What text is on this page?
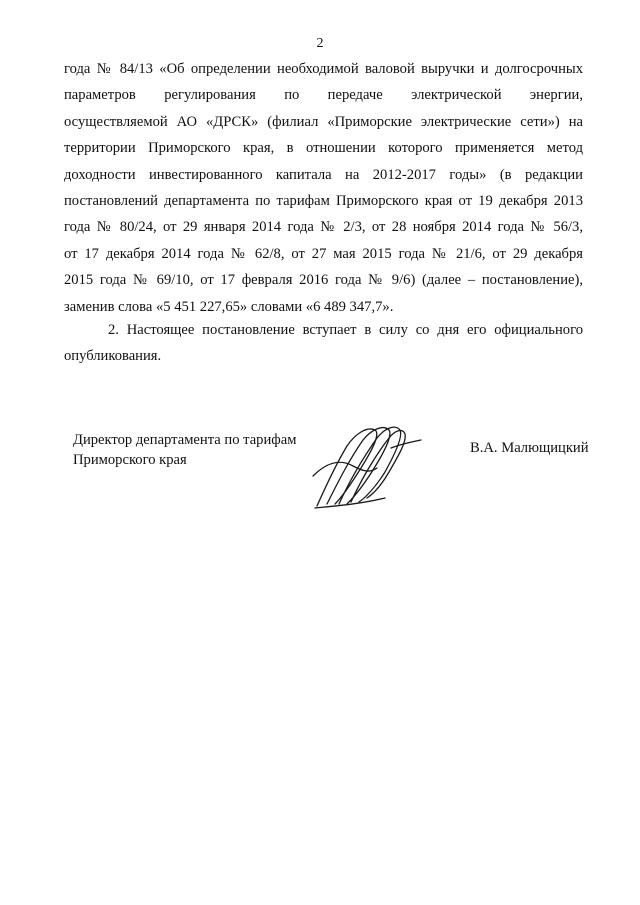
2
года № 84/13 «Об определении необходимой валовой выручки и долгосрочных
параметров регулирования по передаче электрической энергии,
осуществляемой АО «ДРСК» (филиал «Приморские электрические сети») на
территории Приморского края, в отношении которого применяется метод
доходности инвестированного капитала на 2012-2017 годы» (в редакции
постановлений департамента по тарифам Приморского края от 19 декабря 2013
года № 80/24, от 29 января 2014 года № 2/3, от 28 ноября 2014 года № 56/3,
от 17 декабря 2014 года № 62/8, от 27 мая 2015 года № 21/6, от 29 декабря
2015 года № 69/10, от 17 февраля 2016 года № 9/6) (далее – постановление),
заменив слова «5 451 227,65» словами «6 489 347,7».
2. Настоящее постановление вступает в силу со дня его официального
опубликования.
Директор департамента по тарифам
Приморского края
В.А. Малющицкий
